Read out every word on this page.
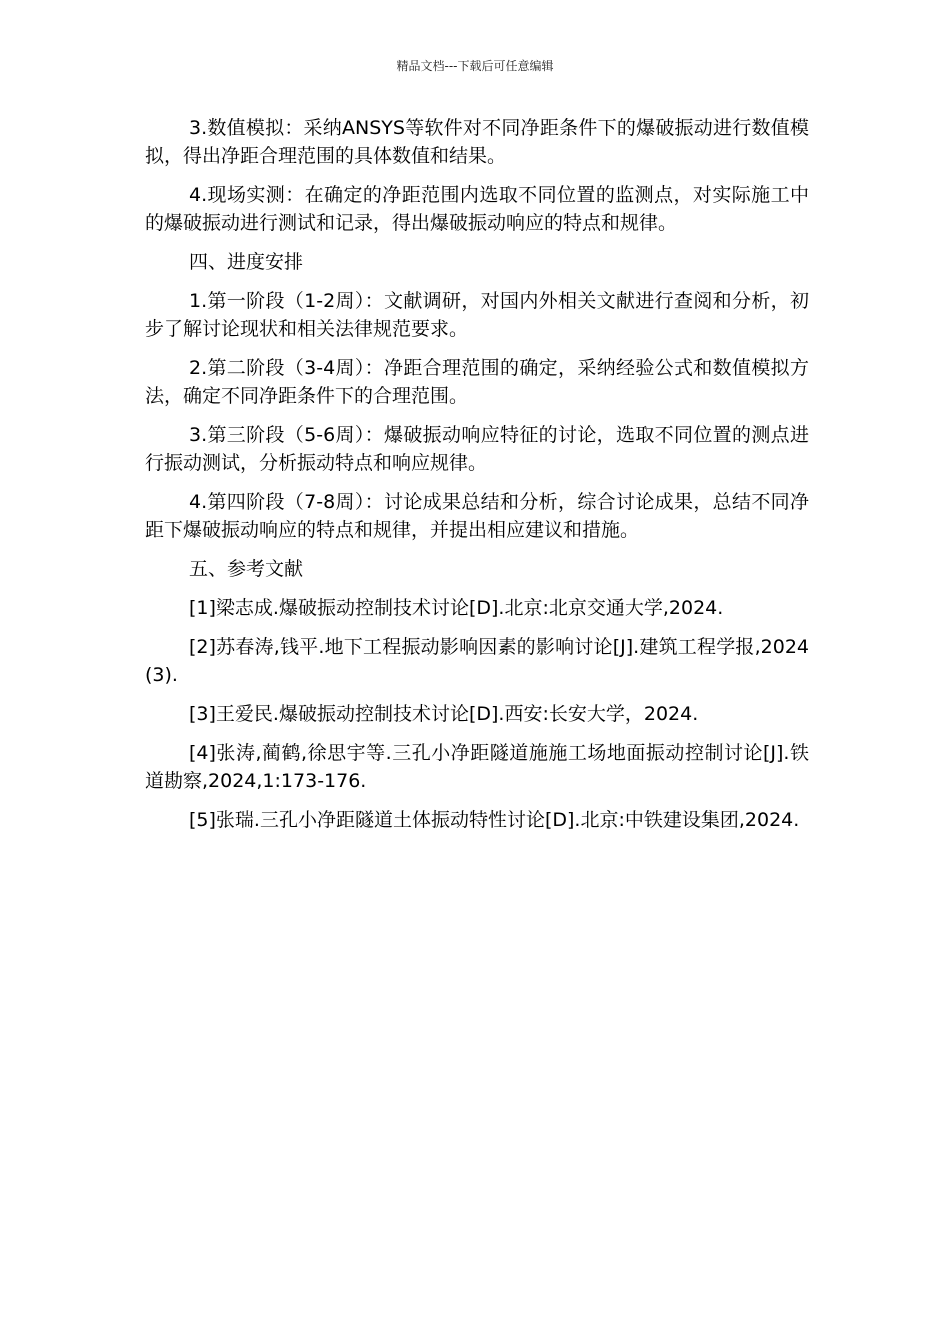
精品文档---下载后可任意编辑

3.数值模拟：采纳ANSYS等软件对不同净距条件下的爆破振动进行数值模拟，得出净距合理范围的具体数值和结果。

4.现场实测：在确定的净距范围内选取不同位置的监测点，对实际施工中的爆破振动进行测试和记录，得出爆破振动响应的特点和规律。

四、进度安排

1.第一阶段（1-2周）：文献调研，对国内外相关文献进行查阅和分析，初步了解讨论现状和相关法律规范要求。

2.第二阶段（3-4周）：净距合理范围的确定，采纳经验公式和数值模拟方法，确定不同净距条件下的合理范围。

3.第三阶段（5-6周）：爆破振动响应特征的讨论，选取不同位置的测点进行振动测试，分析振动特点和响应规律。

4.第四阶段（7-8周）：讨论成果总结和分析，综合讨论成果，总结不同净距下爆破振动响应的特点和规律，并提出相应建议和措施。

五、参考文献

[1]梁志成.爆破振动控制技术讨论[D].北京:北京交通大学,2024.

[2]苏春涛,钱平.地下工程振动影响因素的影响讨论[J].建筑工程学报,2024(3).

[3]王爱民.爆破振动控制技术讨论[D].西安:长安大学，2024.

[4]张涛,蔺鹤,徐思宇等.三孔小净距隧道施施工场地面振动控制讨论[J].铁道勘察,2024,1:173-176.

[5]张瑞.三孔小净距隧道土体振动特性讨论[D].北京:中铁建设集团,2024.
